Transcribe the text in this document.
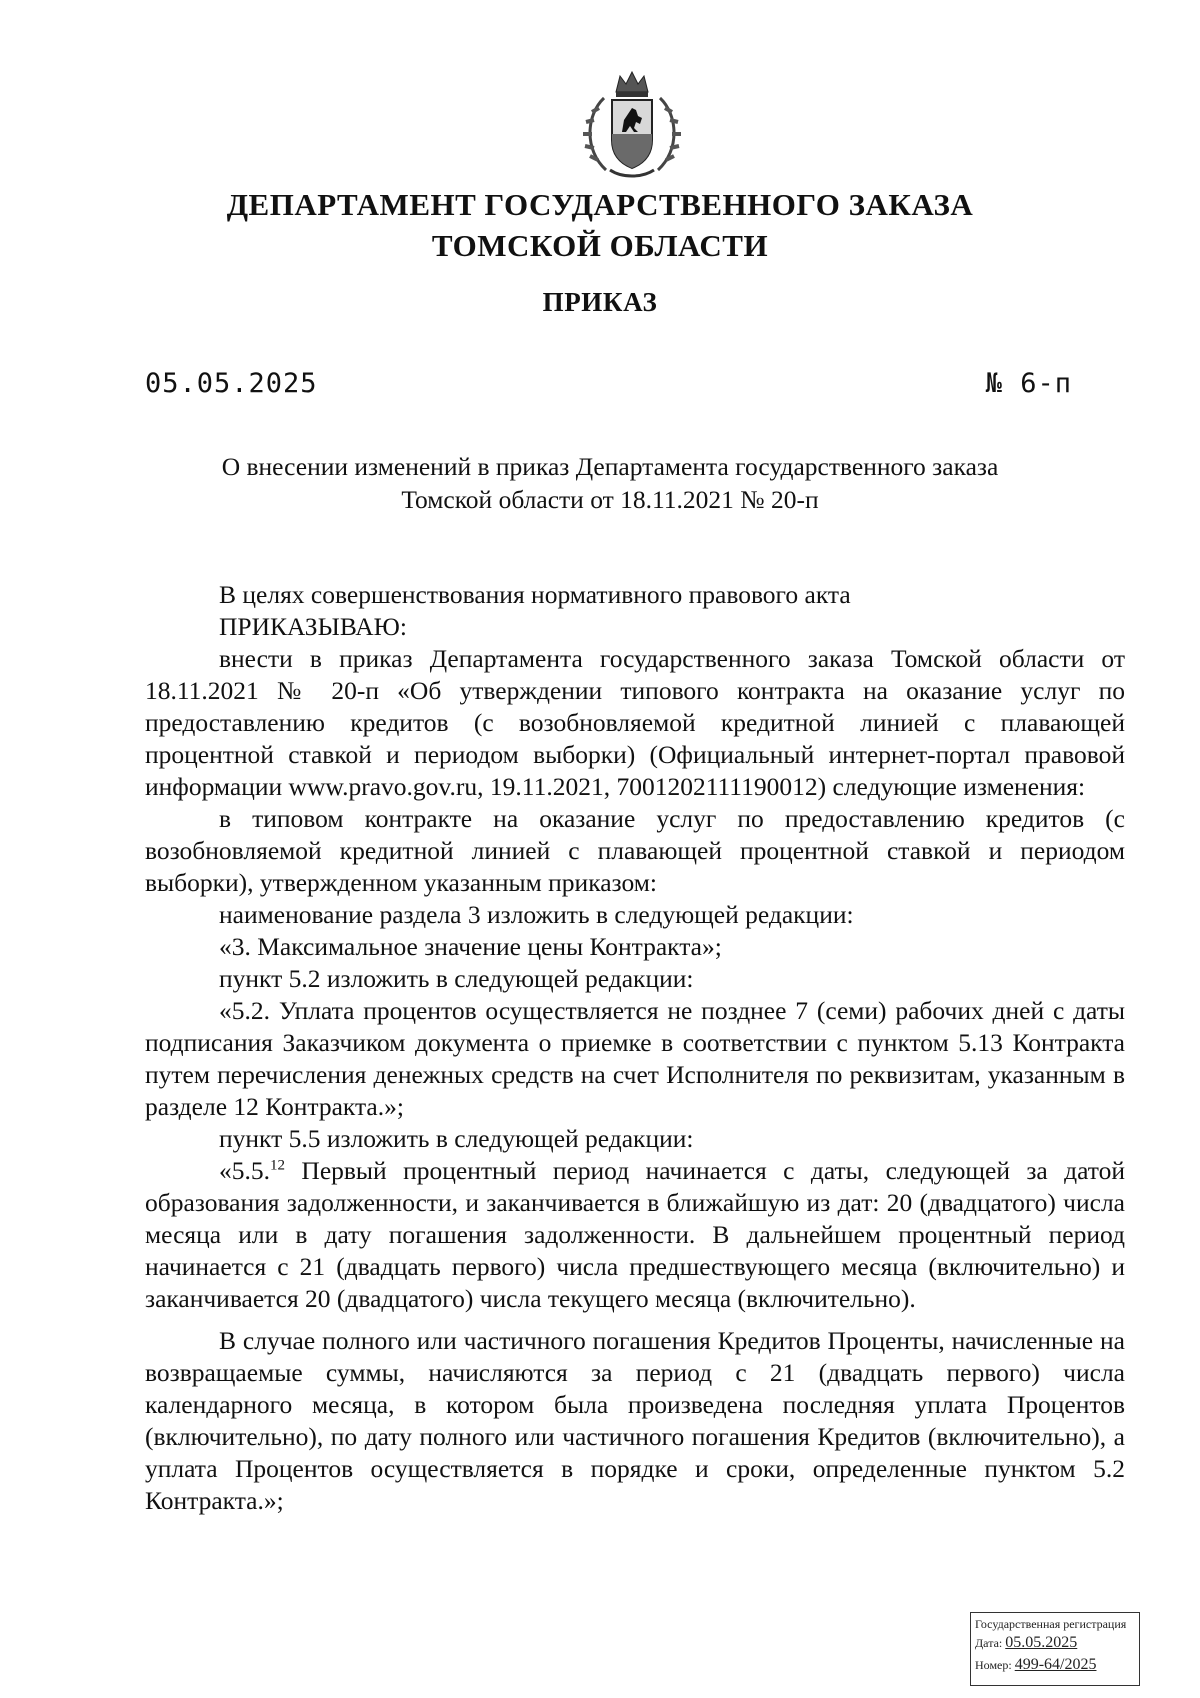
ДЕПАРТАМЕНТ ГОСУДАРСТВЕННОГО ЗАКАЗА
ТОМСКОЙ ОБЛАСТИ
ПРИКАЗ
05.05.2025	№ 6-п
О внесении изменений в приказ Департамента государственного заказа
Томской области от 18.11.2021 № 20-п

В целях совершенствования нормативного правового акта

ПРИКАЗЫВАЮ:

внести в приказ Департамента государственного заказа Томской области от 18.11.2021 № 20-п «Об утверждении типового контракта на оказание услуг по предоставлению кредитов (с возобновляемой кредитной линией с плавающей процентной ставкой и периодом выборки) (Официальный интернет-портал правовой информации www.pravo.gov.ru, 19.11.2021, 7001202111190012) следующие изменения:

в типовом контракте на оказание услуг по предоставлению кредитов (с возобновляемой кредитной линией с плавающей процентной ставкой и периодом выборки), утвержденном указанным приказом:

наименование раздела 3 изложить в следующей редакции:

«3. Максимальное значение цены Контракта»;

пункт 5.2 изложить в следующей редакции:

«5.2. Уплата процентов осуществляется не позднее 7 (семи) рабочих дней с даты подписания Заказчиком документа о приемке в соответствии с пунктом 5.13 Контракта путем перечисления денежных средств на счет Исполнителя по реквизитам, указанным в разделе 12 Контракта.»;

пункт 5.5 изложить в следующей редакции:

«5.5.12 Первый процентный период начинается с даты, следующей за датой образования задолженности, и заканчивается в ближайшую из дат: 20 (двадцатого) числа месяца или в дату погашения задолженности. В дальнейшем процентный период начинается с 21 (двадцать первого) числа предшествующего месяца (включительно) и заканчивается 20 (двадцатого) числа текущего месяца (включительно).

В случае полного или частичного погашения Кредитов Проценты, начисленные на возвращаемые суммы, начисляются за период с 21 (двадцать первого) числа календарного месяца, в котором была произведена последняя уплата Процентов (включительно), по дату полного или частичного погашения Кредитов (включительно), а уплата Процентов осуществляется в порядке и сроки, определенные пунктом 5.2 Контракта.»;

Государственная регистрация
Дата: 05.05.2025
Номер: 499-64/2025
